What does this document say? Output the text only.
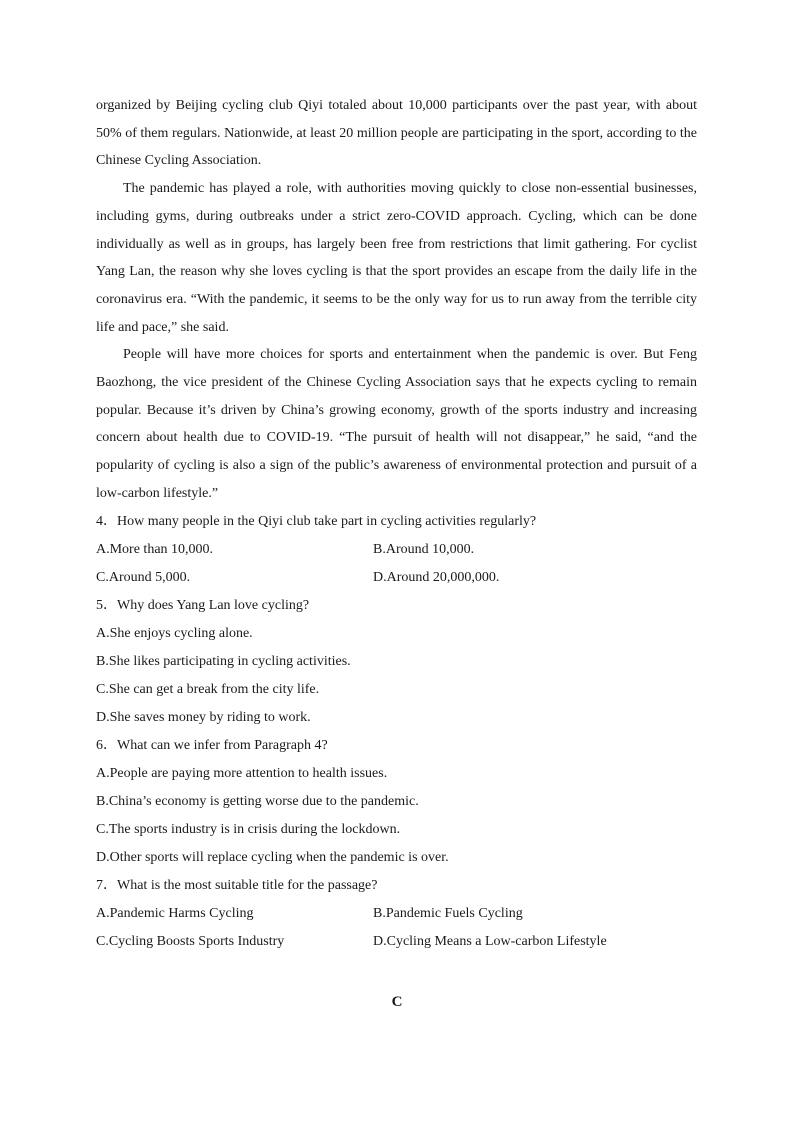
organized by Beijing cycling club Qiyi totaled about 10,000 participants over the past year, with about 50% of them regulars. Nationwide, at least 20 million people are participating in the sport, according to the Chinese Cycling Association.

The pandemic has played a role, with authorities moving quickly to close non-essential businesses, including gyms, during outbreaks under a strict zero-COVID approach. Cycling, which can be done individually as well as in groups, has largely been free from restrictions that limit gathering. For cyclist Yang Lan, the reason why she loves cycling is that the sport provides an escape from the daily life in the coronavirus era. “With the pandemic, it seems to be the only way for us to run away from the terrible city life and pace,” she said.

People will have more choices for sports and entertainment when the pandemic is over. But Feng Baozhong, the vice president of the Chinese Cycling Association says that he expects cycling to remain popular. Because it’s driven by China’s growing economy, growth of the sports industry and increasing concern about health due to COVID-19. “The pursuit of health will not disappear,” he said, “and the popularity of cycling is also a sign of the public’s awareness of environmental protection and pursuit of a low-carbon lifestyle.”

4．How many people in the Qiyi club take part in cycling activities regularly?

A.More than 10,000.	B.Around 10,000.
C.Around 5,000.	D.Around 20,000,000.

5．Why does Yang Lan love cycling?

A.She enjoys cycling alone.
B.She likes participating in cycling activities.
C.She can get a break from the city life.
D.She saves money by riding to work.

6．What can we infer from Paragraph 4?

A.People are paying more attention to health issues.
B.China’s economy is getting worse due to the pandemic.
C.The sports industry is in crisis during the lockdown.
D.Other sports will replace cycling when the pandemic is over.

7．What is the most suitable title for the passage?

A.Pandemic Harms Cycling	B.Pandemic Fuels Cycling
C.Cycling Boosts Sports Industry	D.Cycling Means a Low-carbon Lifestyle
C
